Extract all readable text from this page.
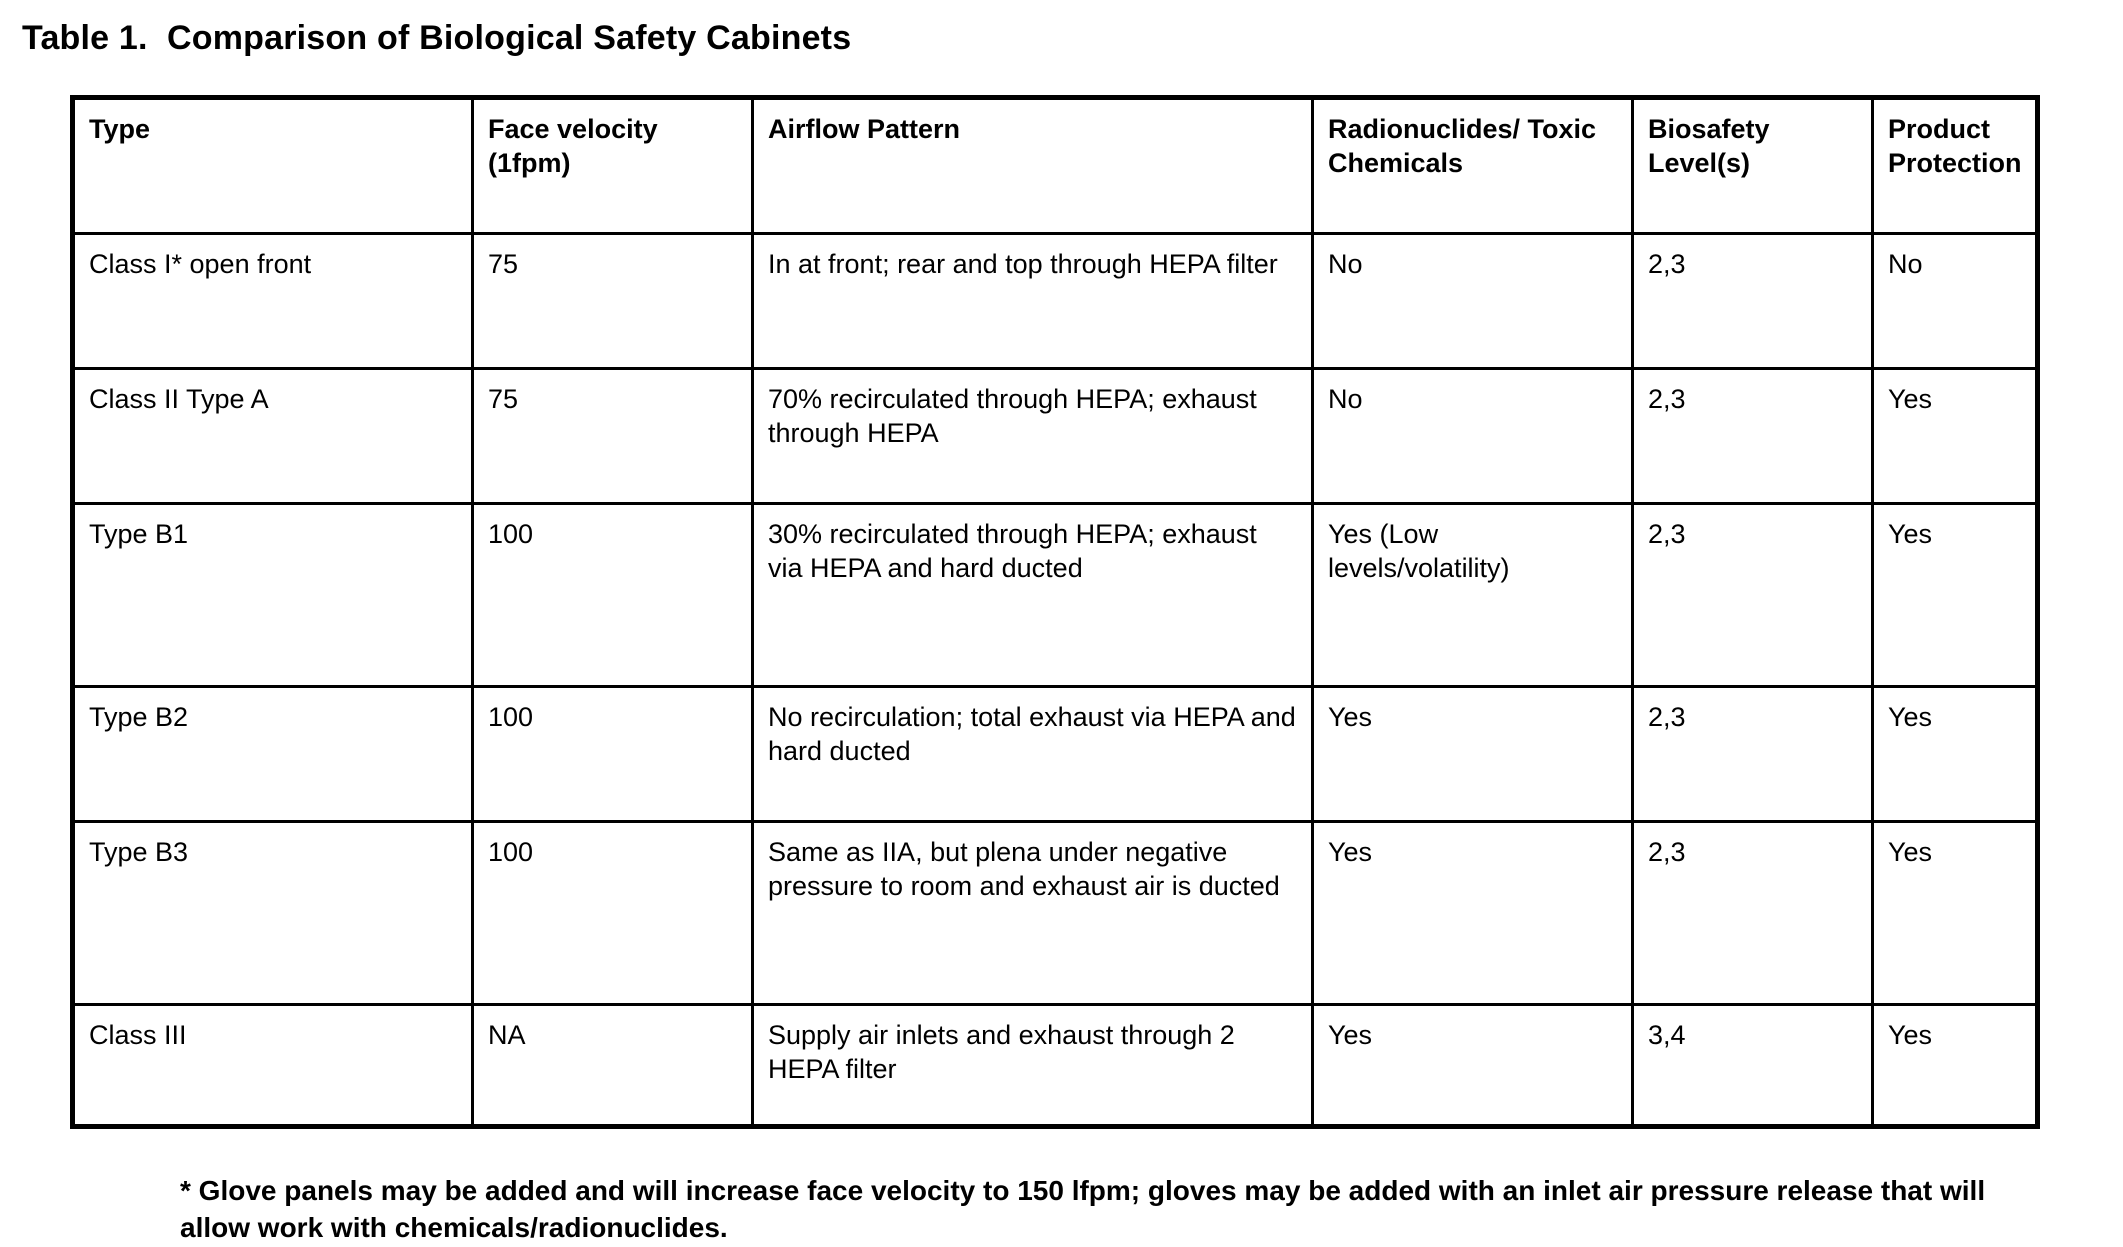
Table 1.  Comparison of Biological Safety Cabinets
Type	Face velocity (1fpm)	Airflow Pattern	Radionuclides/ Toxic Chemicals	Biosafety Level(s)	Product Protection
Class I* open front	75	In at front; rear and top through HEPA filter	No	2,3	No
Class II Type A	75	70% recirculated through HEPA; exhaust through HEPA	No	2,3	Yes
Type B1	100	30% recirculated through HEPA; exhaust via HEPA and hard ducted	Yes (Low levels/volatility)	2,3	Yes
Type B2	100	No recirculation; total exhaust via HEPA and hard ducted	Yes	2,3	Yes
Type B3	100	Same as IIA, but plena under negative pressure to room and exhaust air is ducted	Yes	2,3	Yes
Class III	NA	Supply air inlets and exhaust through 2 HEPA filter	Yes	3,4	Yes
* Glove panels may be added and will increase face velocity to 150 lfpm; gloves may be added with an inlet air pressure release that will allow work with chemicals/radionuclides.
